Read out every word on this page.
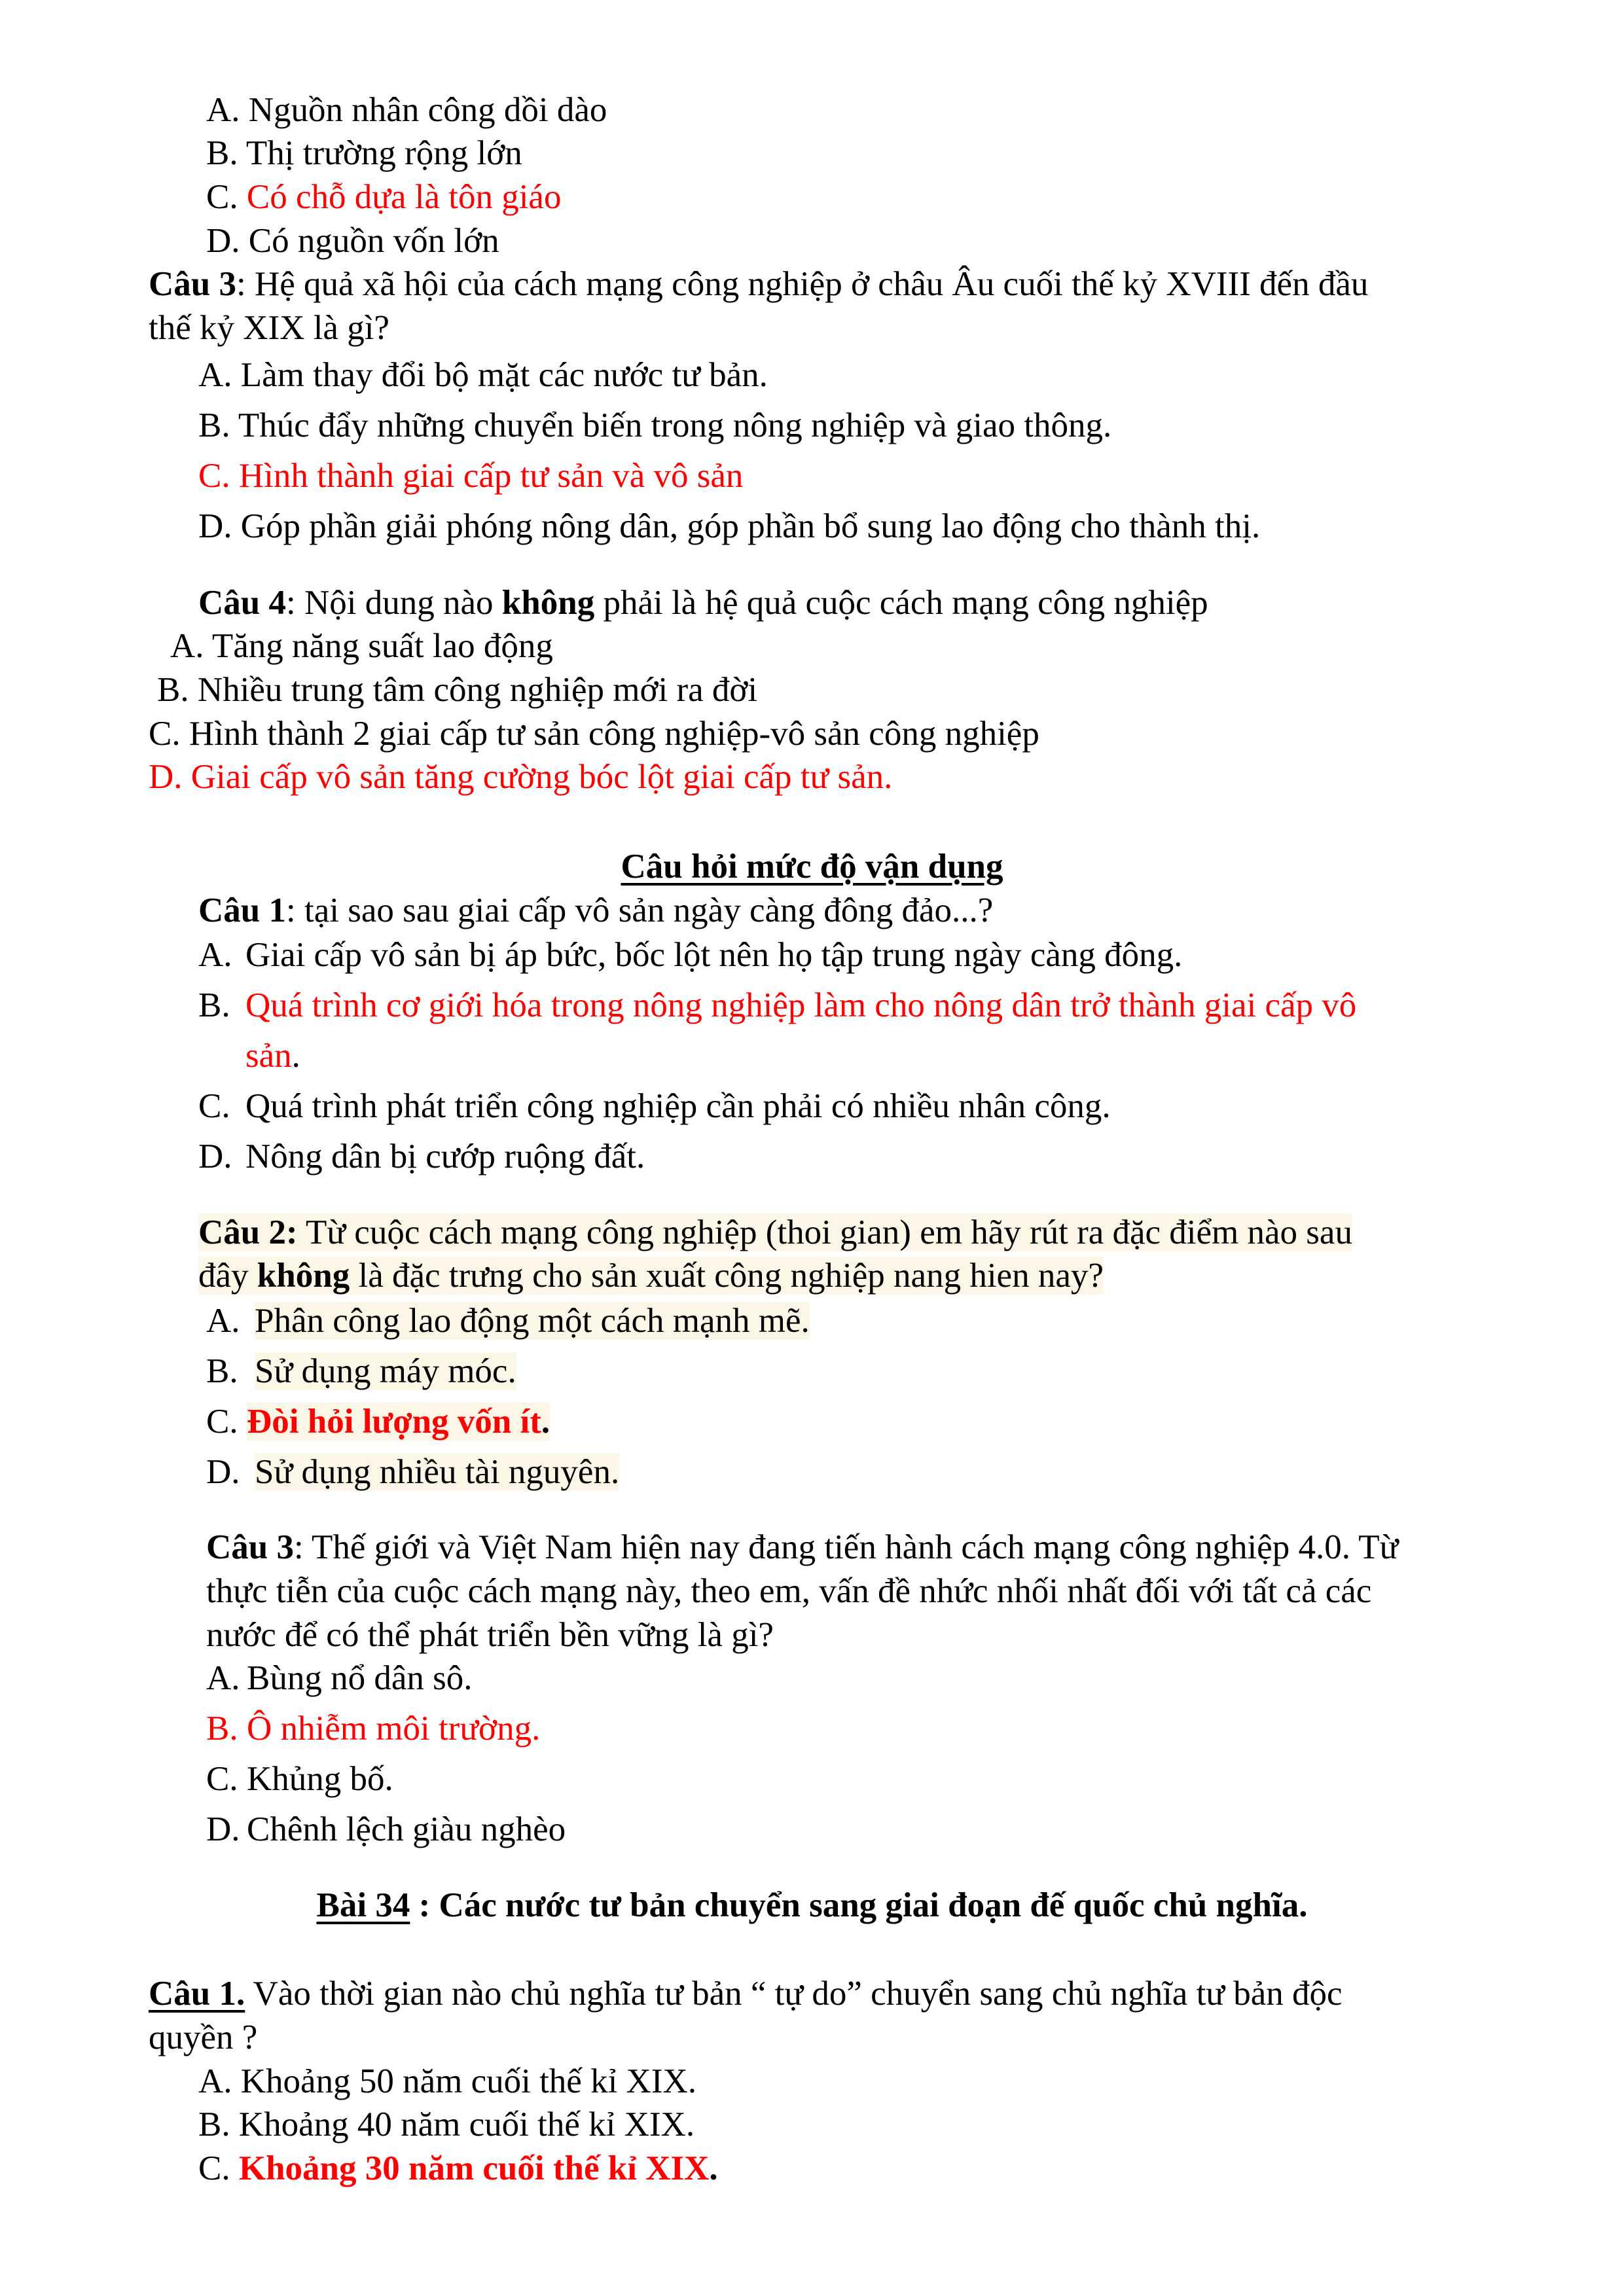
A. Nguồn nhân công dồi dào
B. Thị trường rộng lớn
C. Có chỗ dựa là tôn giáo
D. Có nguồn vốn lớn
Câu 3: Hệ quả xã hội của cách mạng công nghiệp ở châu Âu cuối thế kỷ XVIII đến đầu
thế kỷ XIX là gì?
A. Làm thay đổi bộ mặt các nước tư bản.
B. Thúc đẩy những chuyển biến trong nông nghiệp và giao thông.
C. Hình thành giai cấp tư sản và vô sản
D. Góp phần giải phóng nông dân, góp phần bổ sung lao động cho thành thị.
Câu 4: Nội dung nào không phải là hệ quả cuộc cách mạng công nghiệp
A. Tăng năng suất lao động
B. Nhiều trung tâm công nghiệp mới ra đời
C. Hình thành 2 giai cấp tư sản công nghiệp-vô sản công nghiệp
D. Giai cấp vô sản tăng cường bóc lột giai cấp tư sản.
Câu hỏi mức độ vận dụng
Câu 1: tại sao sau giai cấp vô sản ngày càng đông đảo...?
A. Giai cấp vô sản bị áp bức, bốc lột nên họ tập trung ngày càng đông.
B. Quá trình cơ giới hóa trong nông nghiệp làm cho nông dân trở thành giai cấp vô
sản.
C. Quá trình phát triển công nghiệp cần phải có nhiều nhân công.
D. Nông dân bị cướp ruộng đất.
Câu 2: Từ cuộc cách mạng công nghiệp (thoi gian) em hãy rút ra đặc điểm nào sau
đây không là đặc trưng cho sản xuất công nghiệp nang hien nay?
A. Phân công lao động một cách mạnh mẽ.
B. Sử dụng máy móc.
C. Đòi hỏi lượng vốn ít.
D. Sử dụng nhiều tài nguyên.
Câu 3: Thế giới và Việt Nam hiện nay đang tiến hành cách mạng công nghiệp 4.0. Từ
thực tiễn của cuộc cách mạng này, theo em, vấn đề nhức nhối nhất đối với tất cả các
nước để có thể phát triển bền vững là gì?
A. Bùng nổ dân sô.
B. Ô nhiễm môi trường.
C. Khủng bố.
D. Chênh lệch giàu nghèo
Bài 34 : Các nước tư bản chuyển sang giai đoạn đế quốc chủ nghĩa.
Câu 1. Vào thời gian nào chủ nghĩa tư bản “ tự do” chuyển sang chủ nghĩa tư bản độc
quyền ?
A. Khoảng 50 năm cuối thế kỉ XIX.
B. Khoảng 40 năm cuối thế kỉ XIX.
C. Khoảng 30 năm cuối thế kỉ XIX.
